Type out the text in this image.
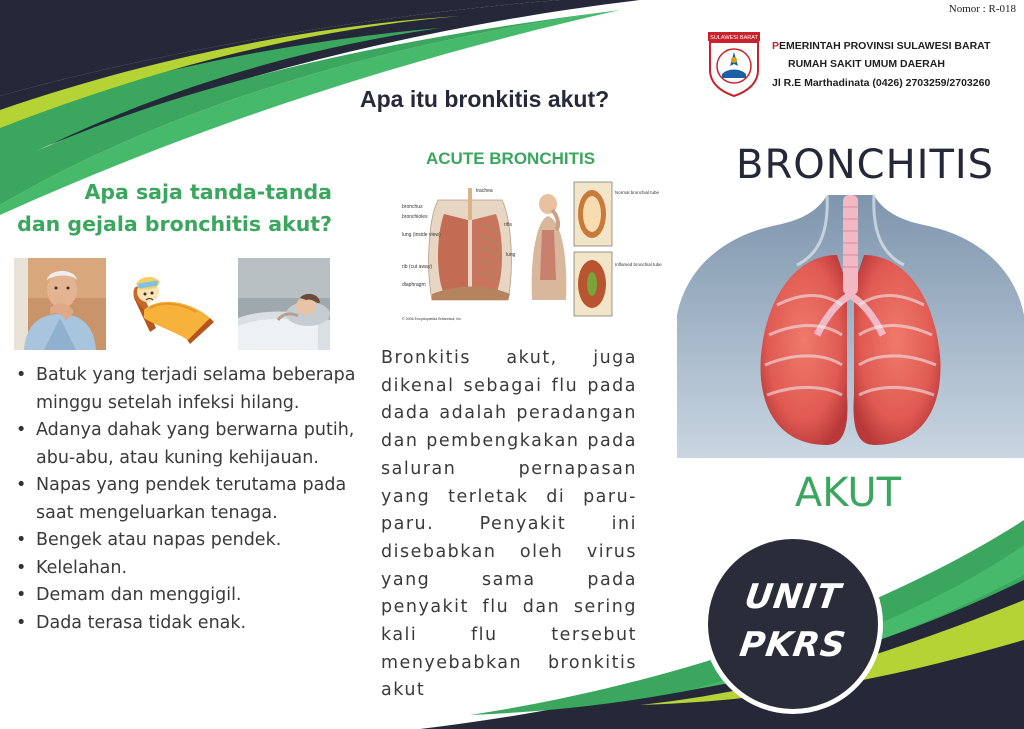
Nomor : R-018
SULAWESI BARAT
PEMERINTAH PROVINSI SULAWESI BARAT
RUMAH SAKIT UMUM DAERAH
Jl R.E Marthadinata (0426) 2703259/2703260
Apa itu bronkitis akut?
Apa saja tanda-tanda
dan gejala bronchitis akut?
• Batuk yang terjadi selama beberapa minggu setelah infeksi hilang.
• Adanya dahak yang berwarna putih, abu-abu, atau kuning kehijauan.
• Napas yang pendek terutama pada saat mengeluarkan tenaga.
• Bengek atau napas pendek.
• Kelelahan.
• Demam dan menggigil.
• Dada terasa tidak enak.
ACUTE BRONCHITIS
bronchus
bronchioles
lung (inside view)
rib (cut away)
diaphragm
trachea
ribs
lung
© 2006 Encyclopædia Britannica, Inc.
Normal bronchial tube
Inflamed bronchial tube
Bronkitis akut, juga dikenal sebagai flu pada dada adalah peradangan dan pembengkakan pada saluran pernapasan yang terletak di paru-paru. Penyakit ini disebabkan oleh virus yang sama pada penyakit flu dan sering kali flu tersebut menyebabkan bronkitis akut
BRONCHITIS
AKUT
UNIT
PKRS
